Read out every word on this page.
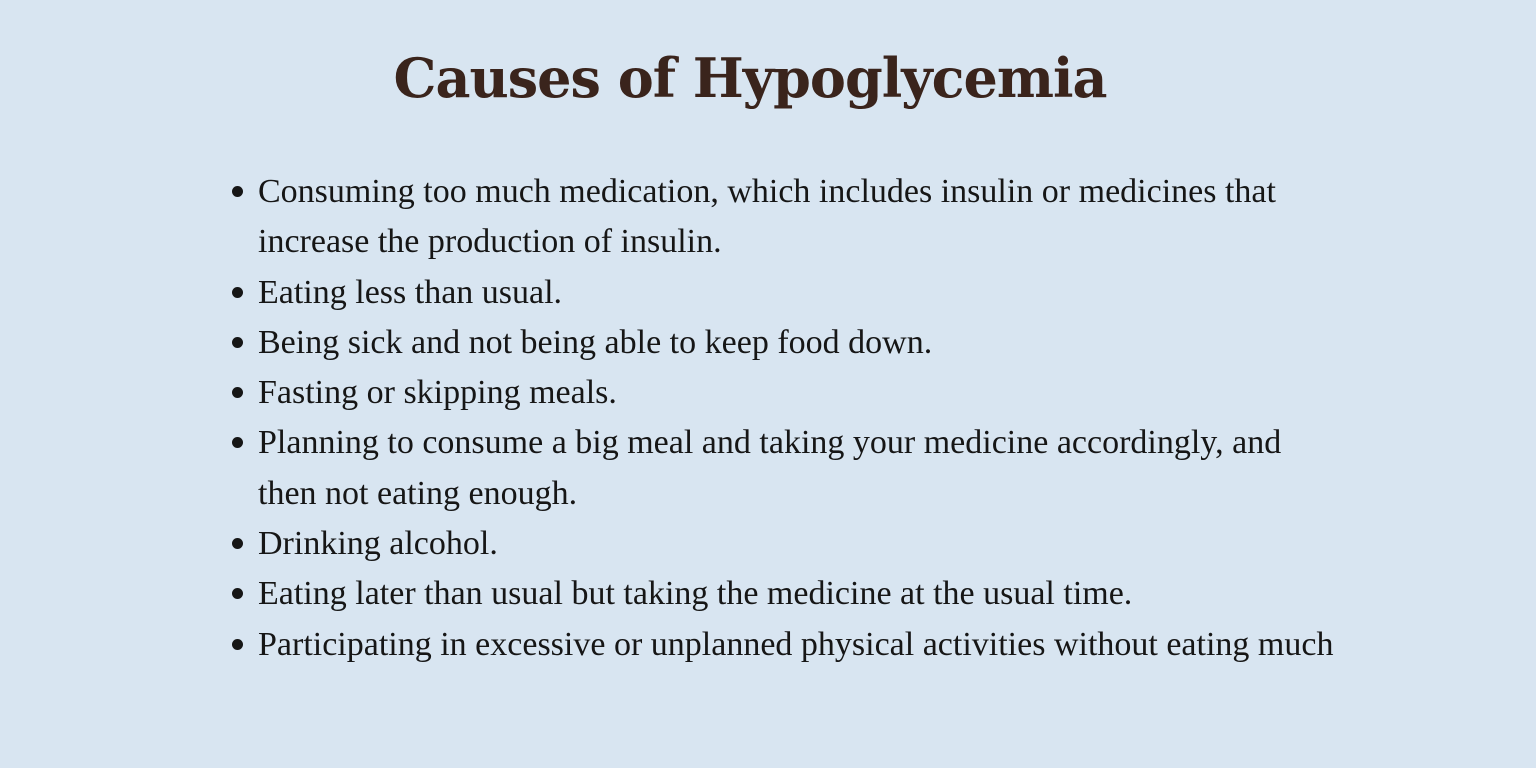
Causes of Hypoglycemia
Consuming too much medication, which includes insulin or medicines that increase the production of insulin.
Eating less than usual.
Being sick and not being able to keep food down.
Fasting or skipping meals.
Planning to consume a big meal and taking your medicine accordingly, and then not eating enough.
Drinking alcohol.
Eating later than usual but taking the medicine at the usual time.
Participating in excessive or unplanned physical activities without eating much
